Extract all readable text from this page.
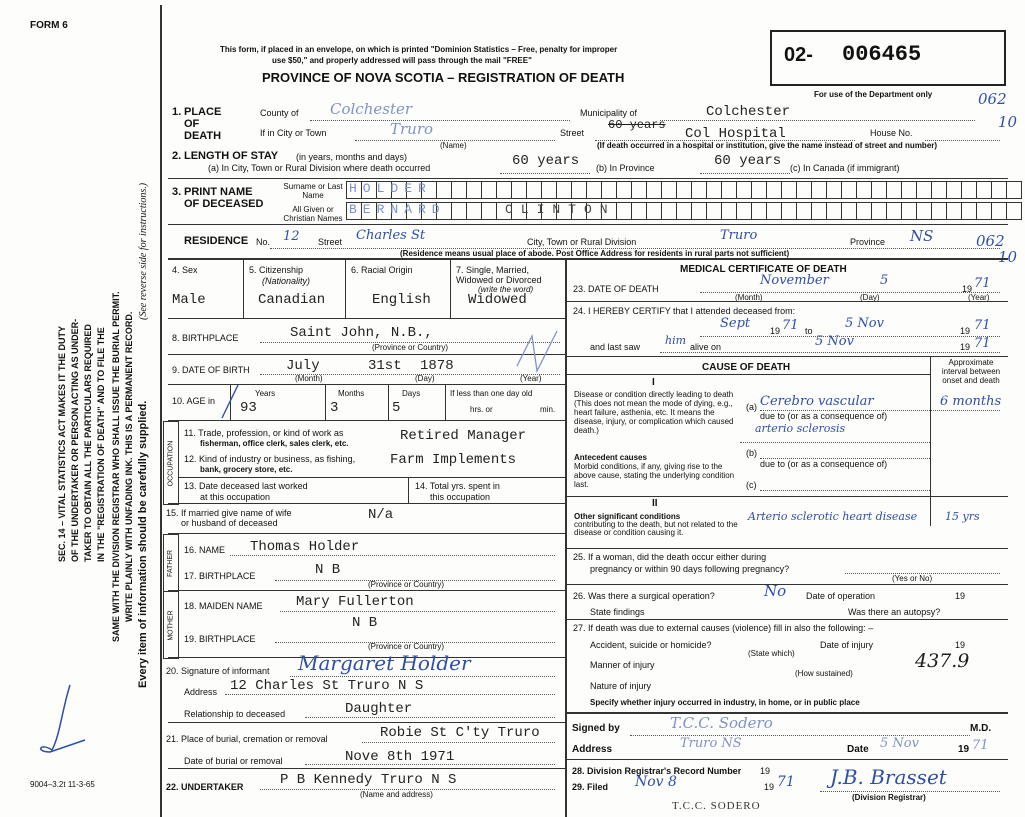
FORM 6
SEC. 14 – VITAL STATISTICS ACT MAKES IT THE DUTY OF THE UNDERTAKER OR PERSON ACTING AS UNDER- TAKER TO OBTAIN ALL THE PARTICULARS REQUIRED IN THE "REGISTRATION OF DEATH" AND TO FILE THE SAME WITH THE DIVISION REGISTRAR WHO SHALL ISSUE THE BURIAL PERMIT. WRITE PLAINLY WITH UNFADING INK. THIS IS A PERMANENT RECORD. Every item of information should be carefully supplied.
(See reverse side for instructions.)
9004–3.2t 11-3-65
This form, if placed in an envelope, on which is printed "Dominion Statistics – Free, penalty for improper
use $50," and properly addressed will pass through the mail "FREE"
PROVINCE OF NOVA SCOTIA – REGISTRATION OF DEATH
02- 006465
For use of the Department only	062
10
1. PLACE OF DEATH
County of Colchester	Municipality of	Colchester
If in City or Town	Truro
(Name)
Street
60 years
Col Hospital	House No.
(If death occurred in a hospital or institution, give the name instead of street and number)
2. LENGTH OF STAY (in years, months and days)
(a) In City, Town or Rural Division where death occurred	60 years (b) In Province	60 years (c) In Canada (if immigrant)
3. PRINT NAME
OF DECEASED
Surname or Last Name	HOLDER
All Given or Christian Names
BERNARD	CLINTON
RESIDENCE No. 12 Street Charles St	City, Town or Rural Division	Truro	Province NS
(Residence means usual place of abode. Post Office Address for residents in rural parts not sufficient)
062
10
4. Sex
Male
5. Citizenship
(Nationality)
Canadian
6. Racial Origin
English
7. Single, Married, Widowed or Divorced
(write the word)
Widowed
8. BIRTHPLACE	Saint John, N.B.,
(Province or Country)
9. DATE OF BIRTH	July	31st 1878
(Month)	(Day)	(Year)
10. AGE in
Years
93
Months
3
Days
5
If less than one day old
hrs. or	min.
OCCUPATION
11. Trade, profession, or kind of work as
fisherman, office clerk, sales clerk, etc.	Retired Manager
12. Kind of industry or business, as fishing,
bank, grocery store, etc.
Farm Implements
13. Date deceased last worked
at this occupation
14. Total yrs. spent in
this occupation
15. If married give name of wife
or husband of deceased	N/a
FATHER 16. NAME Thomas Holder
17. BIRTHPLACE	N B
(Province or Country)
MOTHER
18. MAIDEN NAME Mary Fullerton
N B
19. BIRTHPLACE
(Province or Country)
20. Signature of informant Margaret Holder
Address 12 Charles St Truro N S
Relationship to deceased	Daughter
21. Place of burial, cremation or removal	Robie St C'ty Truro
Date of burial or removal	Nove 8th 1971
22. UNDERTAKER	P B Kennedy Truro N S
(Name and address)
MEDICAL CERTIFICATE OF DEATH
23. DATE OF DEATH
November	5
19 71
(Month)	(Day)	(Year)
24. I HEREBY CERTIFY that I attended deceased from:
Sept 19 71 to 5 Nov	19 71
and last saw him alive on	5 Nov	19 71
CAUSE OF DEATH	Approximate interval between onset and death
I
Disease or condition directly leading to death (This does not mean the mode of dying, e.g., heart failure, asthenia, etc. It means the disease, injury, or complication which caused death.)
(a) Cerebro vascular	6 months
due to (or as a consequence of)
arterio sclerosis
Antecedent causes
Morbid conditions, if any, giving rise to the above cause, stating the underlying condition last.
(b)
due to (or as a consequence of)
(c)
II
Other significant conditions
contributing to the death, but not related to the disease or condition causing it.
Arterio sclerotic heart disease	15 yrs
25. If a woman, did the death occur either during
pregnancy or within 90 days following pregnancy?
(Yes or No)
26. Was there a surgical operation?	No Date of operation	19
State findings	Was there an autopsy?
27. If death was due to external causes (violence) fill in also the following: –
Accident, suicide or homicide?
(State which)
Date of injury	19
Manner of injury	437.9
(How sustained)
Nature of injury
Specify whether injury occurred in industry, in home, or in public place
Signed by	T.C.C. Sodero	M.D.
Address	Truro NS	Date 5 Nov	19 71
28. Division Registrar's Record Number 19
29. Filed Nov 8	19 71 J.B. Brasset
(Division Registrar)
T.C.C. SODERO
